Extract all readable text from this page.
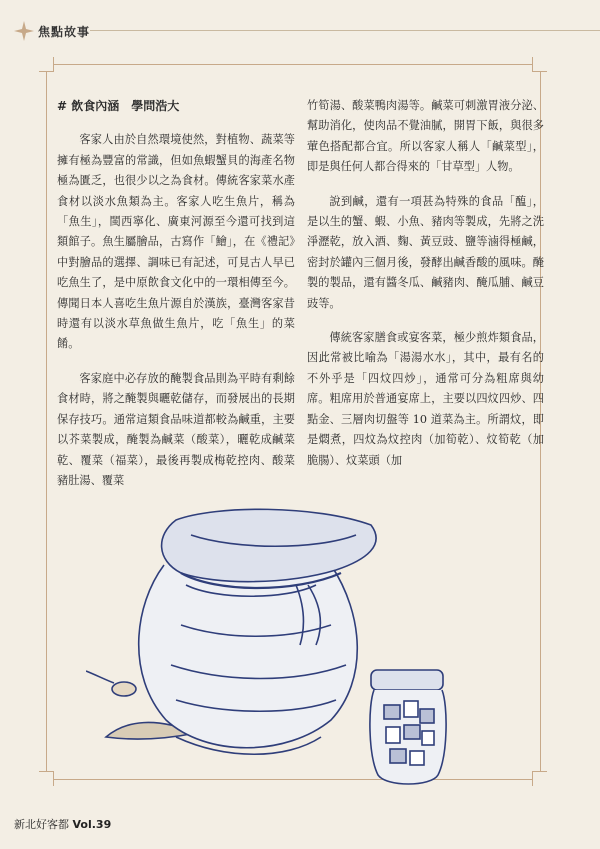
焦點故事

# 飲食內涵　學問浩大

客家人由於自然環境使然，對植物、蔬菜等擁有極為豐富的常識，但如魚蝦蟹貝的海產名物極為匱乏，也很少以之為食材。傳統客家菜水產食材以淡水魚類為主。客家人吃生魚片，稱為「魚生」，閩西寧化、廣東河源至今還可找到這類館子。魚生屬膾品，古寫作「鱠」，在《禮記》中對膾品的選擇、調味已有記述，可見古人早已吃魚生了，是中原飲食文化中的一環相傳至今。傳聞日本人喜吃生魚片源自於漢族，臺灣客家昔時還有以淡水草魚做生魚片，吃「魚生」的菜餚。

客家庭中必存放的醃製食品則為平時有剩餘食材時，將之醃製與曬乾儲存，而發展出的長期保存技巧。通常這類食品味道都較為鹹重，主要以芥菜製成，醃製為鹹菜（酸菜），曬乾成鹹菜乾、覆菜（福菜），最後再製成梅乾控肉、酸菜豬肚湯、覆菜

竹筍湯、酸菜鴨肉湯等。鹹菜可刺激胃液分泌、幫助消化，使肉品不覺油膩，開胃下飯，與很多葷色搭配都合宜。所以客家人稱人「鹹菜型」，即是與任何人都合得來的「甘草型」人物。

說到鹹，還有一項甚為特殊的食品「醢」，是以生的蟹、蝦、小魚、豬肉等製成，先將之洗淨瀝乾，放入酒、麴、黃豆豉、鹽等滷得極鹹，密封於罐內三個月後，發酵出鹹香酸的風味。醃製的製品，還有醬冬瓜、鹹豬肉、醃瓜脯、鹹豆豉等。

傳統客家膳食或宴客菜，極少煎炸類食品，因此常被比喻為「湯湯水水」，其中，最有名的不外乎是「四炆四炒」，通常可分為粗席與幼席。粗席用於普通宴席上，主要以四炆四炒、四點金、三層肉切盤等 10 道菜為主。所謂炆，即是燜煮，四炆為炆控肉（加筍乾）、炆筍乾（加脆腸）、炆菜頭（加

新北好客都 Vol.39
